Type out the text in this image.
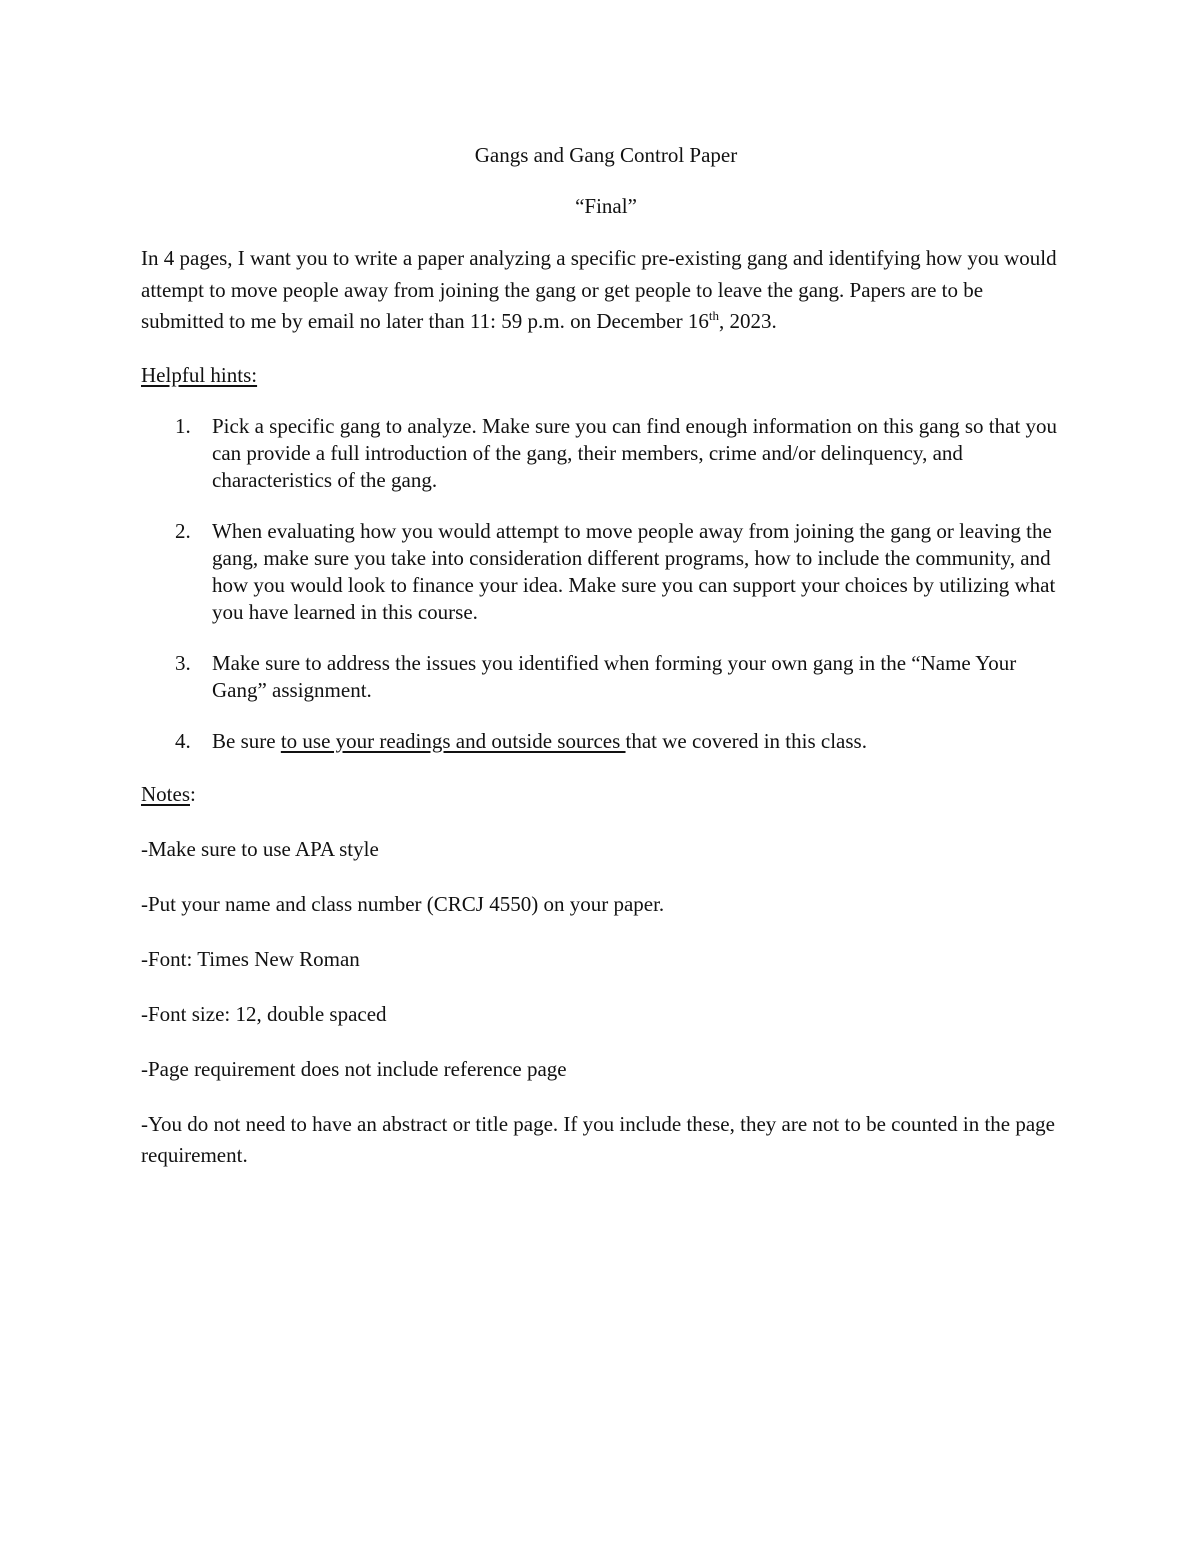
Gangs and Gang Control Paper

“Final”

In 4 pages, I want you to write a paper analyzing a specific pre-existing gang and identifying how you would attempt to move people away from joining the gang or get people to leave the gang. Papers are to be submitted to me by email no later than 11: 59 p.m. on December 16th, 2023.

Helpful hints:

1. Pick a specific gang to analyze. Make sure you can find enough information on this gang so that you can provide a full introduction of the gang, their members, crime and/or delinquency, and characteristics of the gang.
2. When evaluating how you would attempt to move people away from joining the gang or leaving the gang, make sure you take into consideration different programs, how to include the community, and how you would look to finance your idea. Make sure you can support your choices by utilizing what you have learned in this course.
3. Make sure to address the issues you identified when forming your own gang in the “Name Your Gang” assignment.
4. Be sure to use your readings and outside sources that we covered in this class.

Notes:

-Make sure to use APA style

-Put your name and class number (CRCJ 4550) on your paper.

-Font: Times New Roman

-Font size: 12, double spaced

-Page requirement does not include reference page

-You do not need to have an abstract or title page. If you include these, they are not to be counted in the page requirement.
